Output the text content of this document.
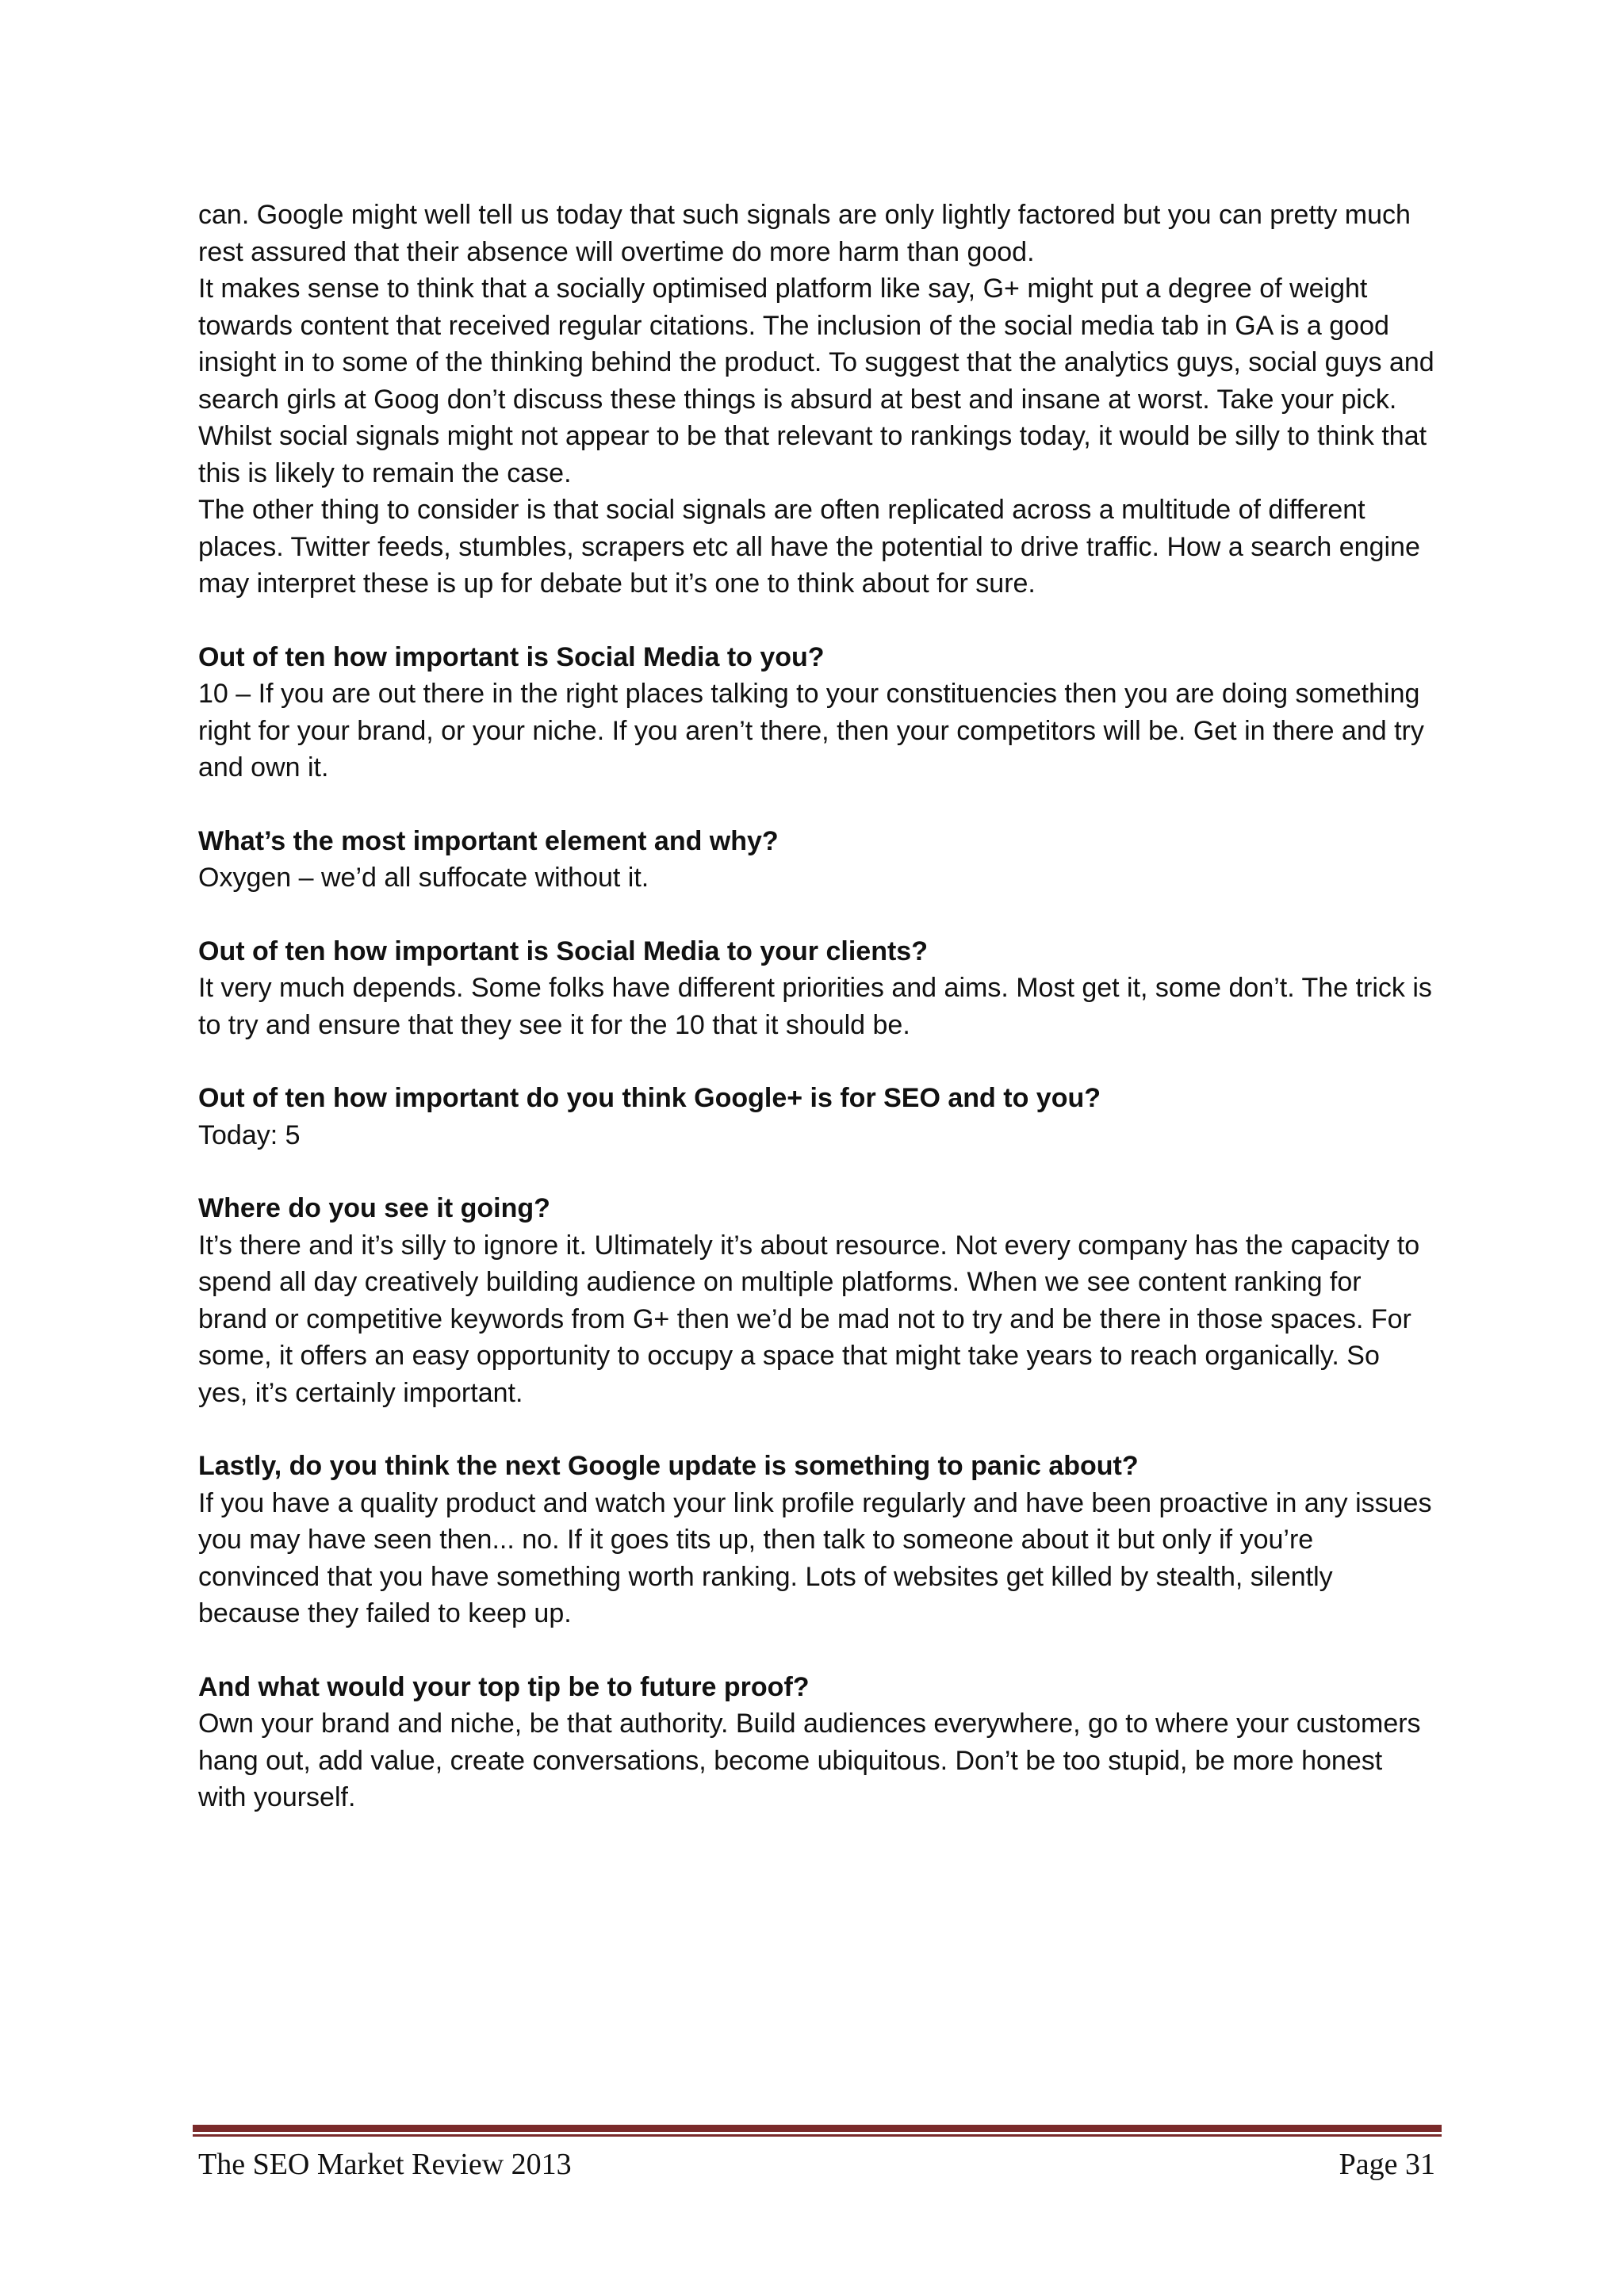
can. Google might well tell us today that such signals are only lightly factored but you can pretty much rest assured that their absence will overtime do more harm than good.

It makes sense to think that a socially optimised platform like say, G+ might put a degree of weight towards content that received regular citations. The inclusion of the social media tab in GA is a good insight in to some of the thinking behind the product. To suggest that the analytics guys, social guys and search girls at Goog don’t discuss these things is absurd at best and insane at worst. Take your pick.

Whilst social signals might not appear to be that relevant to rankings today, it would be silly to think that this is likely to remain the case.

The other thing to consider is that social signals are often replicated across a multitude of different places. Twitter feeds, stumbles, scrapers etc all have the potential to drive traffic. How a search engine may interpret these is up for debate but it’s one to think about for sure.

Out of ten how important is Social Media to you?

10 – If you are out there in the right places talking to your constituencies then you are doing something right for your brand, or your niche. If you aren’t there, then your competitors will be. Get in there and try and own it.

What’s the most important element and why?

Oxygen – we’d all suffocate without it.

Out of ten how important is Social Media to your clients?

It very much depends. Some folks have different priorities and aims. Most get it, some don’t. The trick is to try and ensure that they see it for the 10 that it should be.

Out of ten how important do you think Google+ is for SEO and to you?

Today: 5

Where do you see it going?

It’s there and it’s silly to ignore it. Ultimately it’s about resource. Not every company has the capacity to spend all day creatively building audience on multiple platforms. When we see content ranking for brand or competitive keywords from G+ then we’d be mad not to try and be there in those spaces. For some, it offers an easy opportunity to occupy a space that might take years to reach organically. So yes, it’s certainly important.

Lastly, do you think the next Google update is something to panic about?

If you have a quality product and watch your link profile regularly and have been proactive in any issues you may have seen then... no. If it goes tits up, then talk to someone about it but only if you’re convinced that you have something worth ranking. Lots of websites get killed by stealth, silently because they failed to keep up.

And what would your top tip be to future proof?

Own your brand and niche, be that authority. Build audiences everywhere, go to where your customers hang out, add value, create conversations, become ubiquitous. Don’t be too stupid, be more honest with yourself.

The SEO Market Review 2013	Page 31
